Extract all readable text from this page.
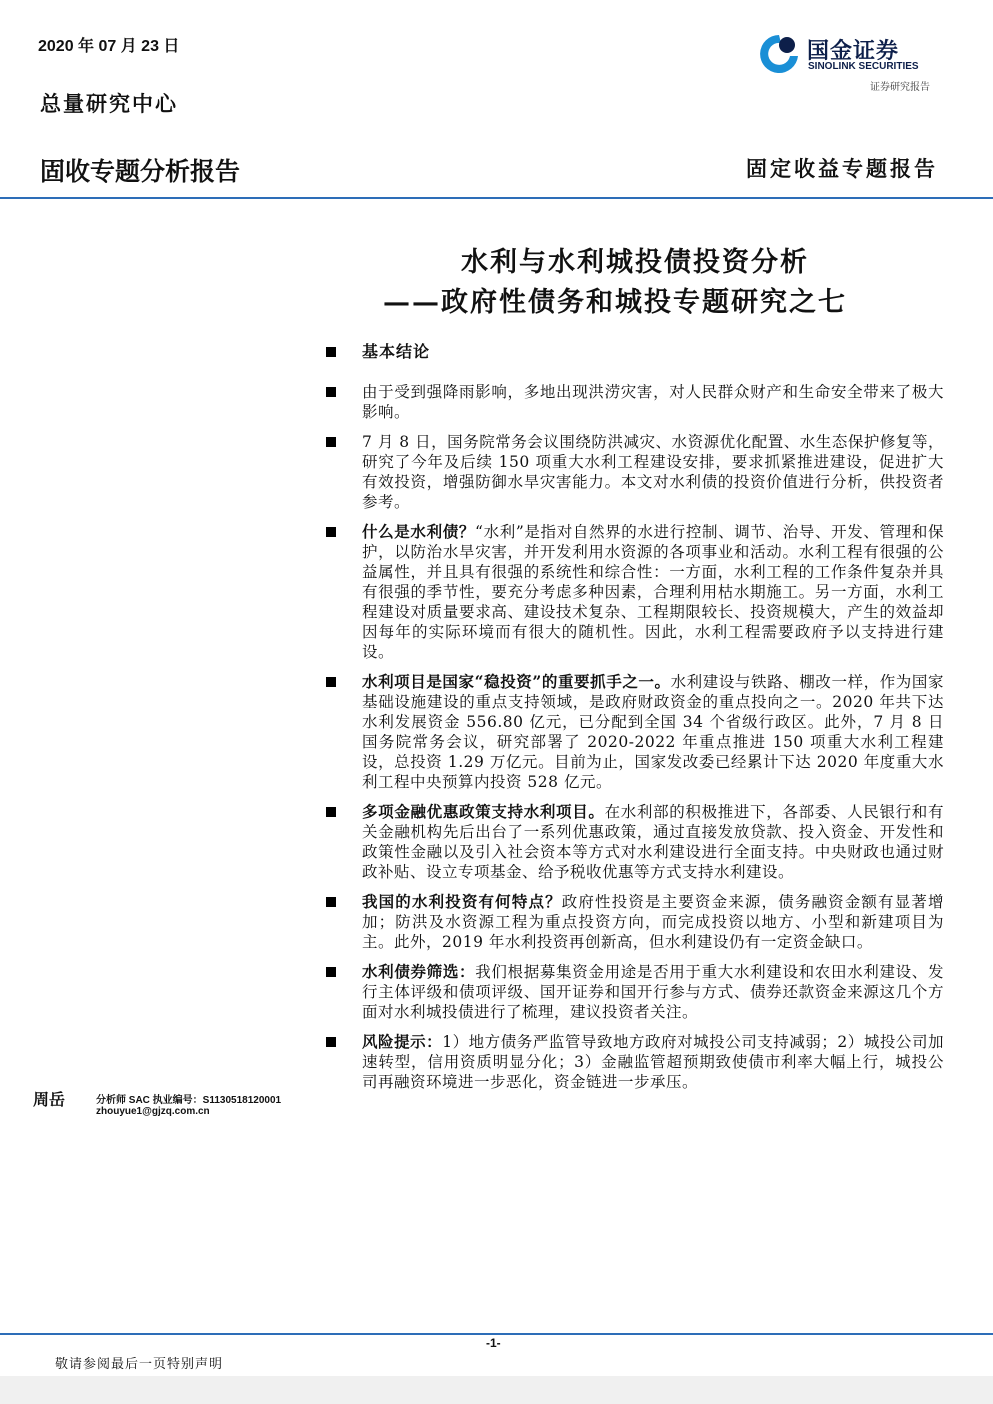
2020 年 07 月 23 日
总量研究中心
固收专题分析报告	固定收益专题报告
国金证券
SINOLINK SECURITIES
证券研究报告
水利与水利城投债投资分析
——政府性债务和城投专题研究之七
基本结论
由于受到强降雨影响，多地出现洪涝灾害，对人民群众财产和生命安全带来了极大影响。
7 月 8 日，国务院常务会议围绕防洪减灾、水资源优化配置、水生态保护修复等，研究了今年及后续 150 项重大水利工程建设安排，要求抓紧推进建设，促进扩大有效投资，增强防御水旱灾害能力。本文对水利债的投资价值进行分析，供投资者参考。
什么是水利债？“水利”是指对自然界的水进行控制、调节、治导、开发、管理和保护，以防治水旱灾害，并开发利用水资源的各项事业和活动。水利工程有很强的公益属性，并且具有很强的系统性和综合性：一方面，水利工程的工作条件复杂并具有很强的季节性，要充分考虑多种因素，合理利用枯水期施工。另一方面，水利工程建设对质量要求高、建设技术复杂、工程期限较长、投资规模大，产生的效益却因每年的实际环境而有很大的随机性。因此，水利工程需要政府予以支持进行建设。
水利项目是国家“稳投资”的重要抓手之一。水利建设与铁路、棚改一样，作为国家基础设施建设的重点支持领域，是政府财政资金的重点投向之一。2020 年共下达水利发展资金 556.80 亿元，已分配到全国 34 个省级行政区。此外，7 月 8 日国务院常务会议，研究部署了 2020-2022 年重点推进 150 项重大水利工程建设，总投资 1.29 万亿元。目前为止，国家发改委已经累计下达 2020 年度重大水利工程中央预算内投资 528 亿元。
多项金融优惠政策支持水利项目。在水利部的积极推进下，各部委、人民银行和有关金融机构先后出台了一系列优惠政策，通过直接发放贷款、投入资金、开发性和政策性金融以及引入社会资本等方式对水利建设进行全面支持。中央财政也通过财政补贴、设立专项基金、给予税收优惠等方式支持水利建设。
我国的水利投资有何特点？政府性投资是主要资金来源，债务融资金额有显著增加；防洪及水资源工程为重点投资方向，而完成投资以地方、小型和新建项目为主。此外，2019 年水利投资再创新高，但水利建设仍有一定资金缺口。
水利债券筛选：我们根据募集资金用途是否用于重大水利建设和农田水利建设、发行主体评级和债项评级、国开证券和国开行参与方式、债券还款资金来源这几个方面对水利城投债进行了梳理，建议投资者关注。
风险提示：1）地方债务严监管导致地方政府对城投公司支持减弱；2）城投公司加速转型，信用资质明显分化；3）金融监管超预期致使债市利率大幅上行，城投公司再融资环境进一步恶化，资金链进一步承压。
周岳	分析师 SAC 执业编号：S1130518120001
zhouyue1@gjzq.com.cn
-1-
敬请参阅最后一页特别声明
